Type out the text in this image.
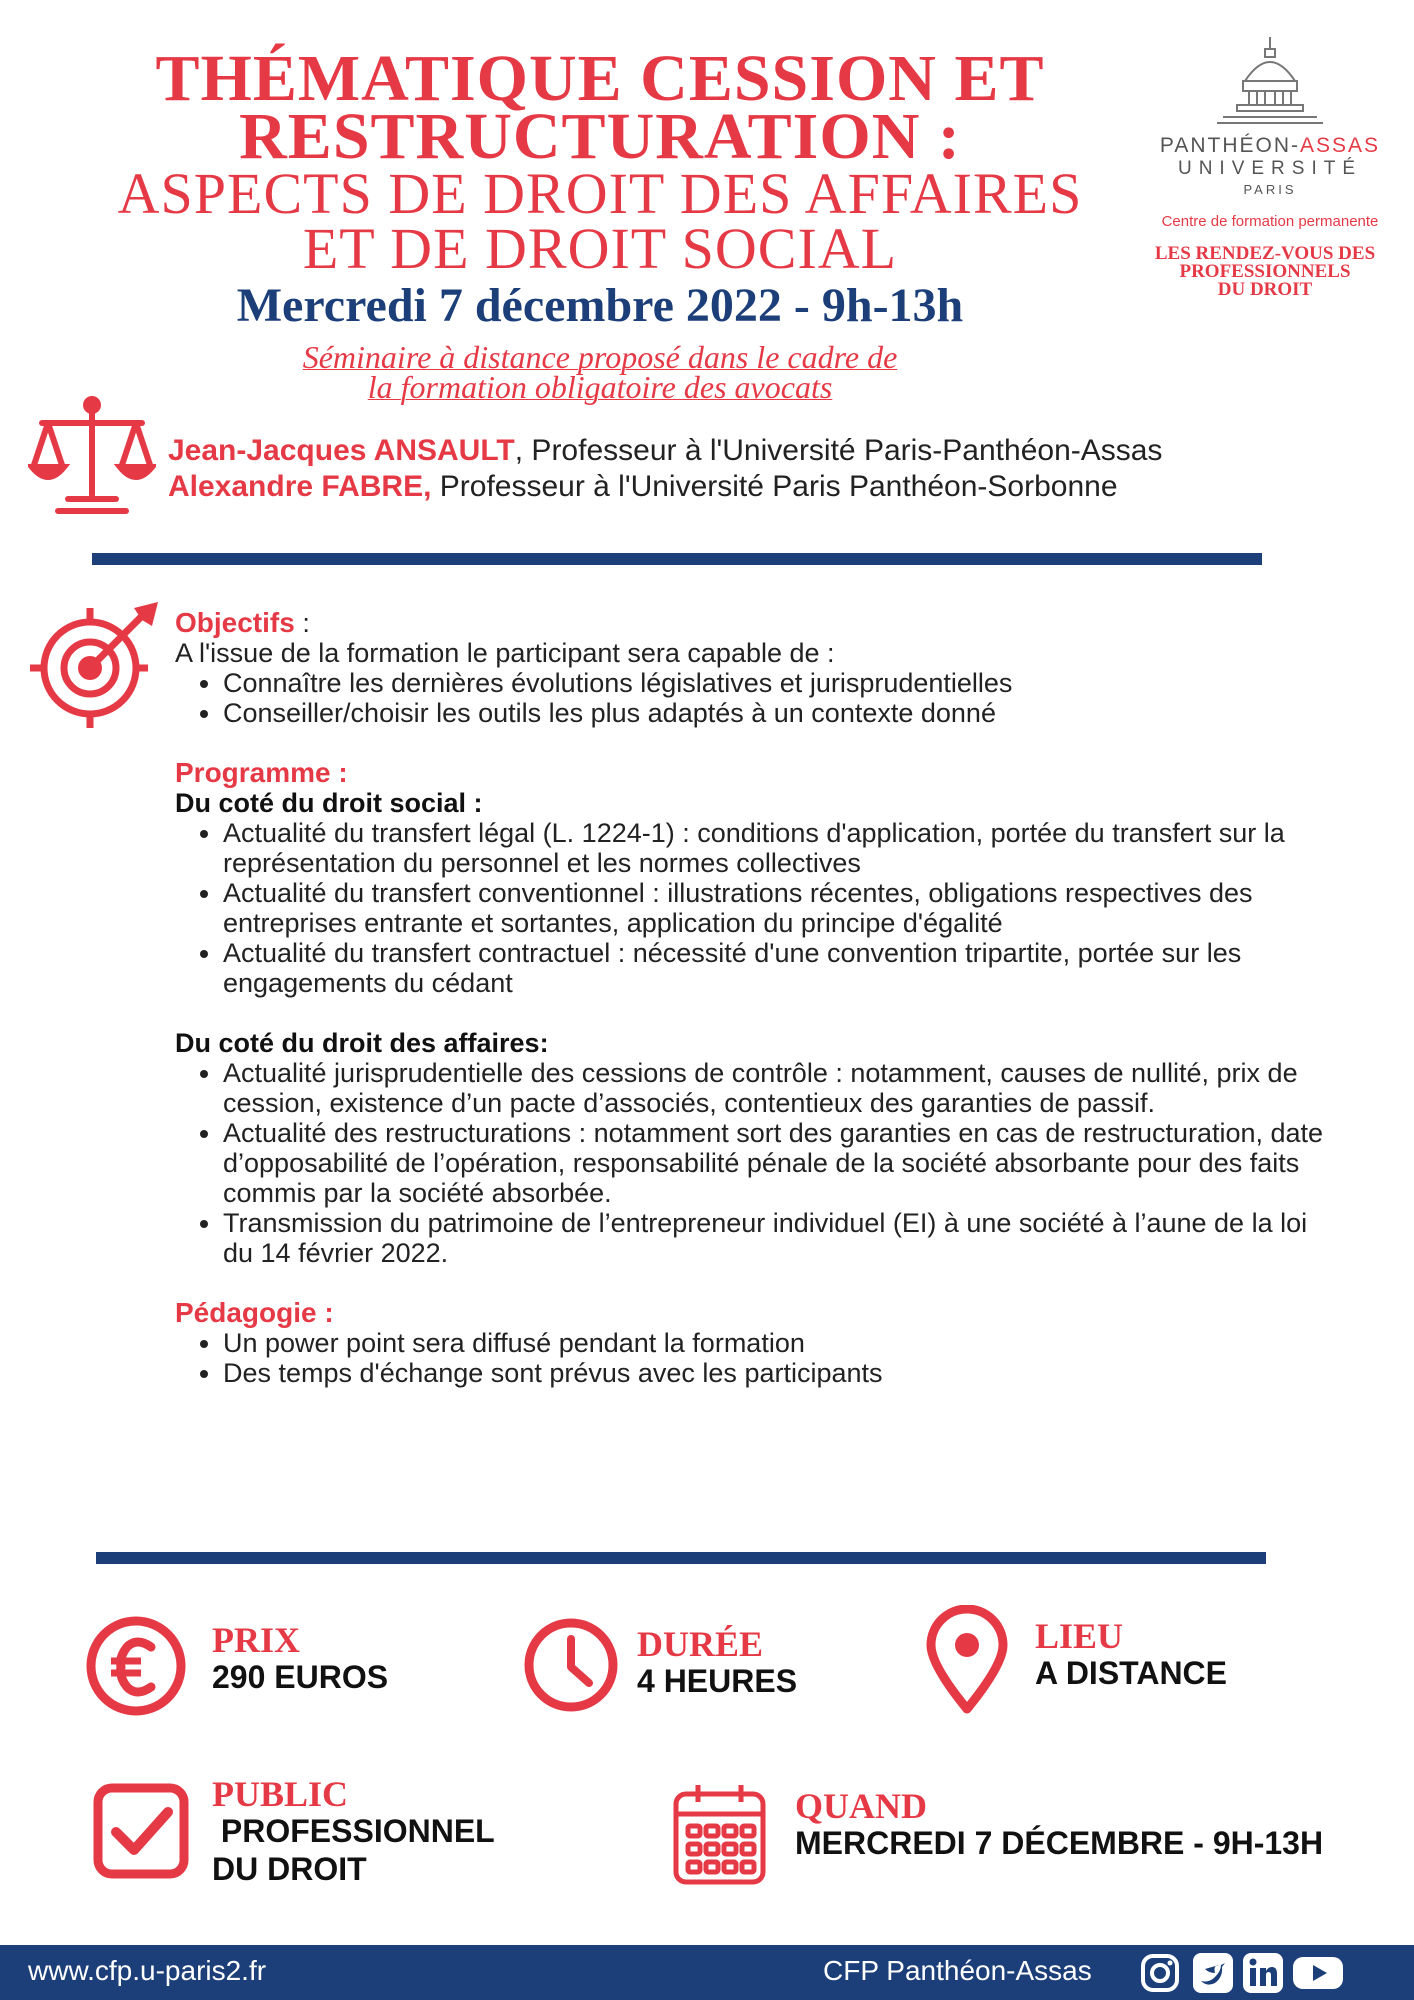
THÉMATIQUE CESSION ET
RESTRUCTURATION :
ASPECTS DE DROIT DES AFFAIRES
ET DE DROIT SOCIAL
Mercredi 7 décembre 2022 - 9h-13h
Séminaire à distance proposé dans le cadre de
la formation obligatoire des avocats
PANTHÉON-ASSAS
UNIVERSITÉ
PARIS
Centre de formation permanente
LES RENDEZ-VOUS DES
PROFESSIONNELS
DU DROIT
Jean-Jacques ANSAULT, Professeur à l'Université Paris-Panthéon-Assas
Alexandre FABRE, Professeur à l'Université Paris Panthéon-Sorbonne
Objectifs :
A l'issue de la formation le participant sera capable de :
• Connaître les dernières évolutions législatives et jurisprudentielles
• Conseiller/choisir les outils les plus adaptés à un contexte donné
Programme :
Du coté du droit social :
• Actualité du transfert légal (L. 1224-1) : conditions d'application, portée du transfert sur la représentation du personnel et les normes collectives
• Actualité du transfert conventionnel : illustrations récentes, obligations respectives des entreprises entrante et sortantes, application du principe d'égalité
• Actualité du transfert contractuel : nécessité d'une convention tripartite, portée sur les engagements du cédant
Du coté du droit des affaires:
• Actualité jurisprudentielle des cessions de contrôle : notamment, causes de nullité, prix de cession, existence d’un pacte d’associés, contentieux des garanties de passif.
• Actualité des restructurations : notamment sort des garanties en cas de restructuration, date d’opposabilité de l’opération, responsabilité pénale de la société absorbante pour des faits commis par la société absorbée.
• Transmission du patrimoine de l’entrepreneur individuel (EI) à une société à l’aune de la loi du 14 février 2022.
Pédagogie :
• Un power point sera diffusé pendant la formation
• Des temps d'échange sont prévus avec les participants
PRIX
290 EUROS
DURÉE
4 HEURES
LIEU
A DISTANCE
PUBLIC
PROFESSIONNEL
DU DROIT
QUAND
MERCREDI 7 DÉCEMBRE - 9H-13H
www.cfp.u-paris2.fr	CFP Panthéon-Assas
